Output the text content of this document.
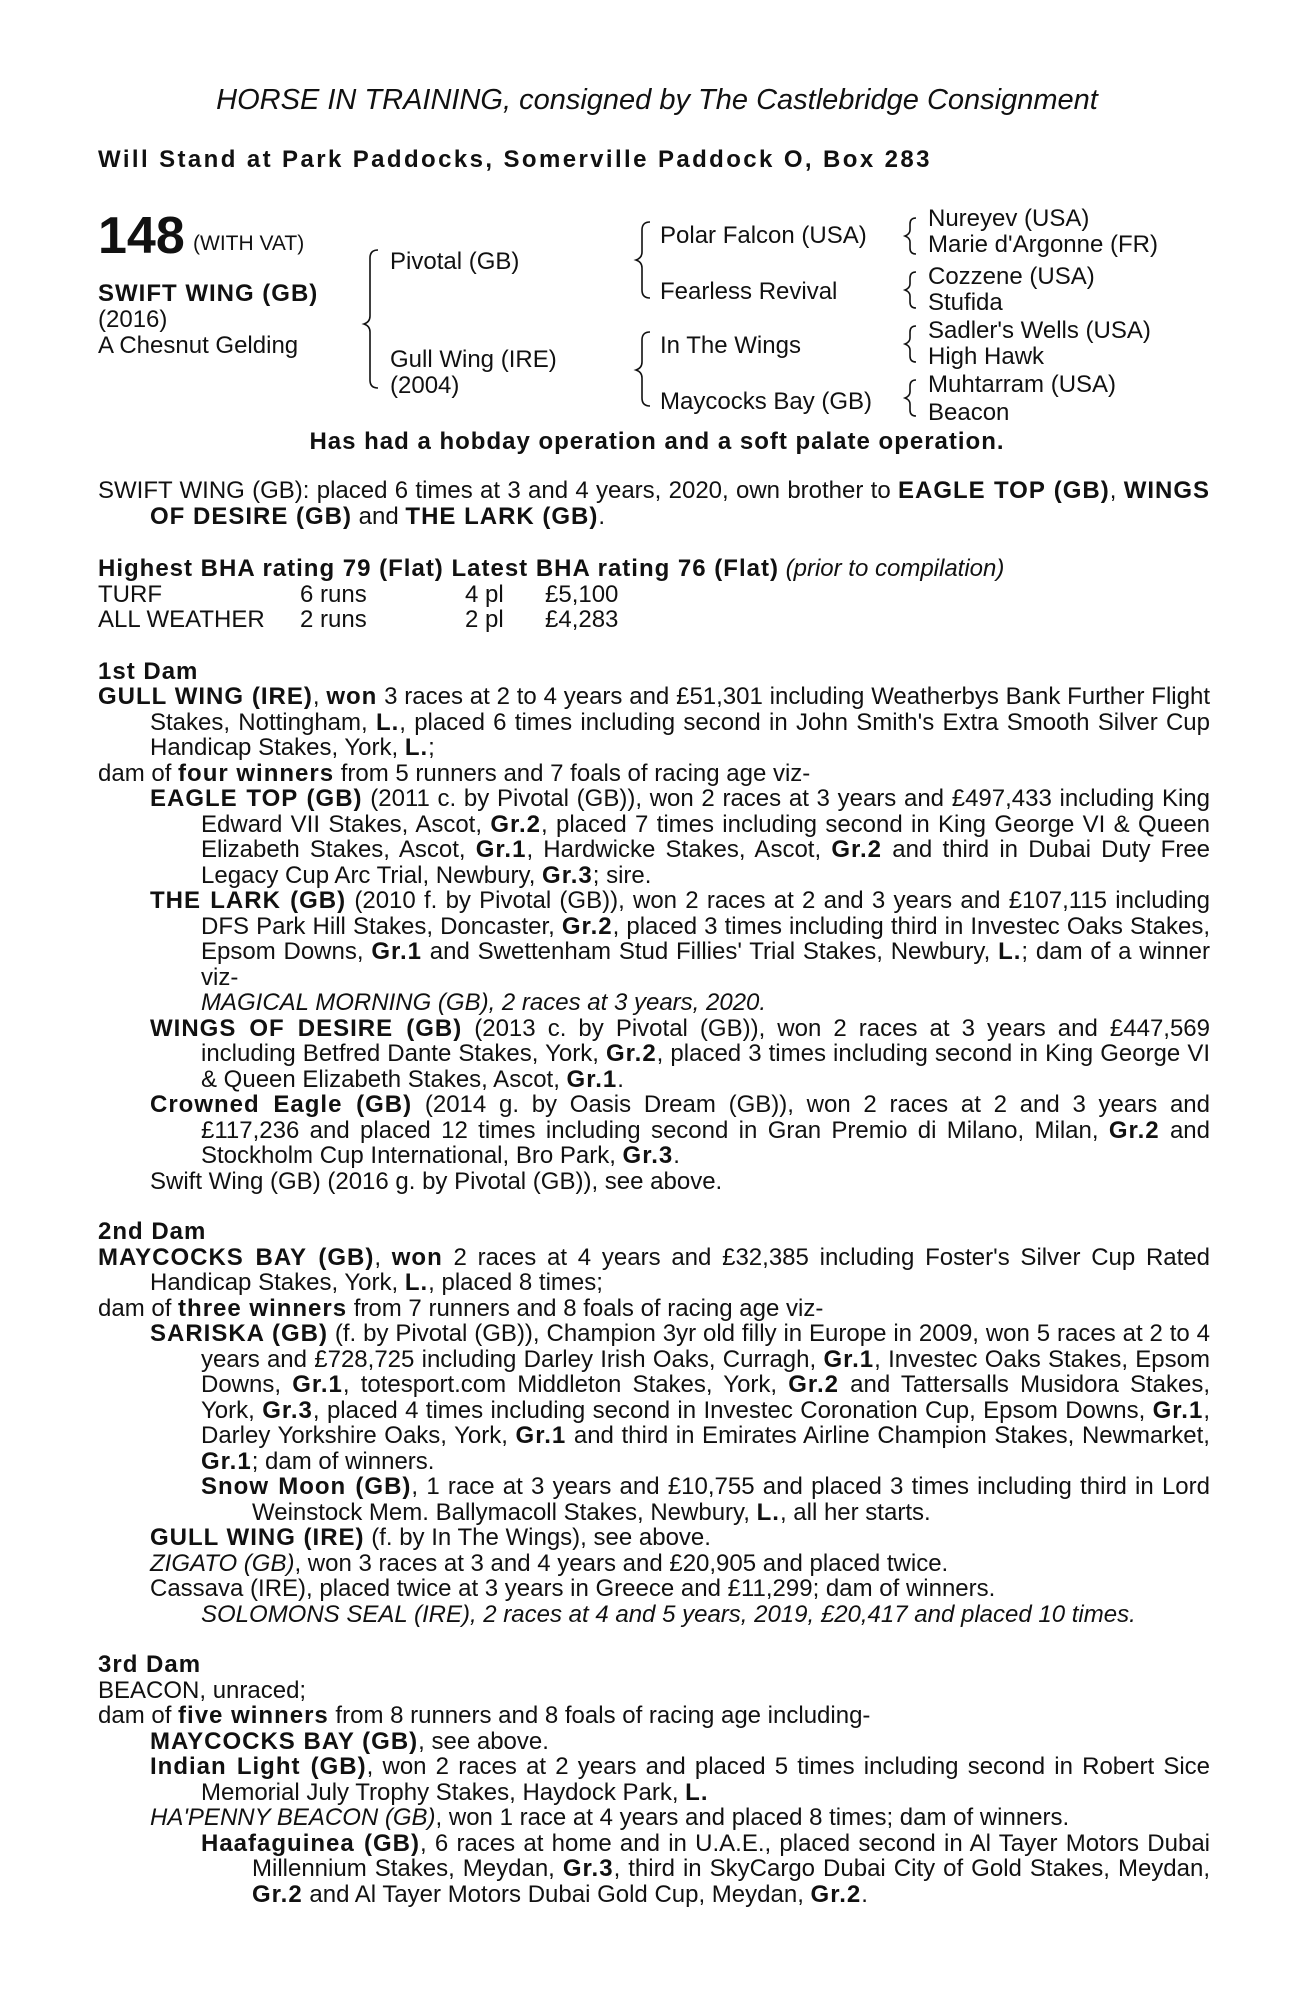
HORSE IN TRAINING, consigned by The Castlebridge Consignment
Will Stand at Park Paddocks, Somerville Paddock O, Box 283
148 (WITH VAT)
SWIFT WING (GB)
(2016)
A Chesnut Gelding
Pivotal (GB)
Gull Wing (IRE)
(2004)
Polar Falcon (USA)
Fearless Revival
In The Wings
Maycocks Bay (GB)
Nureyev (USA)
Marie d'Argonne (FR)
Cozzene (USA)
Stufida
Sadler's Wells (USA)
High Hawk
Muhtarram (USA)
Beacon
Has had a hobday operation and a soft palate operation.

SWIFT WING (GB): placed 6 times at 3 and 4 years, 2020, own brother to EAGLE TOP (GB), WINGS OF DESIRE (GB) and THE LARK (GB).

Highest BHA rating 79 (Flat) Latest BHA rating 76 (Flat) (prior to compilation)

TURF	6 runs	4 pl	£5,100
ALL WEATHER	2 runs	2 pl	£4,283

1st Dam

GULL WING (IRE), won 3 races at 2 to 4 years and £51,301 including Weatherbys Bank Further Flight Stakes, Nottingham, L., placed 6 times including second in John Smith's Extra Smooth Silver Cup Handicap Stakes, York, L.;

dam of four winners from 5 runners and 7 foals of racing age viz-

EAGLE TOP (GB) (2011 c. by Pivotal (GB)), won 2 races at 3 years and £497,433 including King Edward VII Stakes, Ascot, Gr.2, placed 7 times including second in King George VI & Queen Elizabeth Stakes, Ascot, Gr.1, Hardwicke Stakes, Ascot, Gr.2 and third in Dubai Duty Free Legacy Cup Arc Trial, Newbury, Gr.3; sire.

THE LARK (GB) (2010 f. by Pivotal (GB)), won 2 races at 2 and 3 years and £107,115 including DFS Park Hill Stakes, Doncaster, Gr.2, placed 3 times including third in Investec Oaks Stakes, Epsom Downs, Gr.1 and Swettenham Stud Fillies' Trial Stakes, Newbury, L.; dam of a winner viz-

MAGICAL MORNING (GB), 2 races at 3 years, 2020.

WINGS OF DESIRE (GB) (2013 c. by Pivotal (GB)), won 2 races at 3 years and £447,569 including Betfred Dante Stakes, York, Gr.2, placed 3 times including second in King George VI & Queen Elizabeth Stakes, Ascot, Gr.1.

Crowned Eagle (GB) (2014 g. by Oasis Dream (GB)), won 2 races at 2 and 3 years and £117,236 and placed 12 times including second in Gran Premio di Milano, Milan, Gr.2 and Stockholm Cup International, Bro Park, Gr.3.

Swift Wing (GB) (2016 g. by Pivotal (GB)), see above.

2nd Dam

MAYCOCKS BAY (GB), won 2 races at 4 years and £32,385 including Foster's Silver Cup Rated Handicap Stakes, York, L., placed 8 times;

dam of three winners from 7 runners and 8 foals of racing age viz-

SARISKA (GB) (f. by Pivotal (GB)), Champion 3yr old filly in Europe in 2009, won 5 races at 2 to 4 years and £728,725 including Darley Irish Oaks, Curragh, Gr.1, Investec Oaks Stakes, Epsom Downs, Gr.1, totesport.com Middleton Stakes, York, Gr.2 and Tattersalls Musidora Stakes, York, Gr.3, placed 4 times including second in Investec Coronation Cup, Epsom Downs, Gr.1, Darley Yorkshire Oaks, York, Gr.1 and third in Emirates Airline Champion Stakes, Newmarket, Gr.1; dam of winners.

Snow Moon (GB), 1 race at 3 years and £10,755 and placed 3 times including third in Lord Weinstock Mem. Ballymacoll Stakes, Newbury, L., all her starts.

GULL WING (IRE) (f. by In The Wings), see above.

ZIGATO (GB), won 3 races at 3 and 4 years and £20,905 and placed twice.

Cassava (IRE), placed twice at 3 years in Greece and £11,299; dam of winners.

SOLOMONS SEAL (IRE), 2 races at 4 and 5 years, 2019, £20,417 and placed 10 times.

3rd Dam

BEACON, unraced;

dam of five winners from 8 runners and 8 foals of racing age including-

MAYCOCKS BAY (GB), see above.

Indian Light (GB), won 2 races at 2 years and placed 5 times including second in Robert Sice Memorial July Trophy Stakes, Haydock Park, L.

HA'PENNY BEACON (GB), won 1 race at 4 years and placed 8 times; dam of winners.

Haafaguinea (GB), 6 races at home and in U.A.E., placed second in Al Tayer Motors Dubai Millennium Stakes, Meydan, Gr.3, third in SkyCargo Dubai City of Gold Stakes, Meydan, Gr.2 and Al Tayer Motors Dubai Gold Cup, Meydan, Gr.2.
